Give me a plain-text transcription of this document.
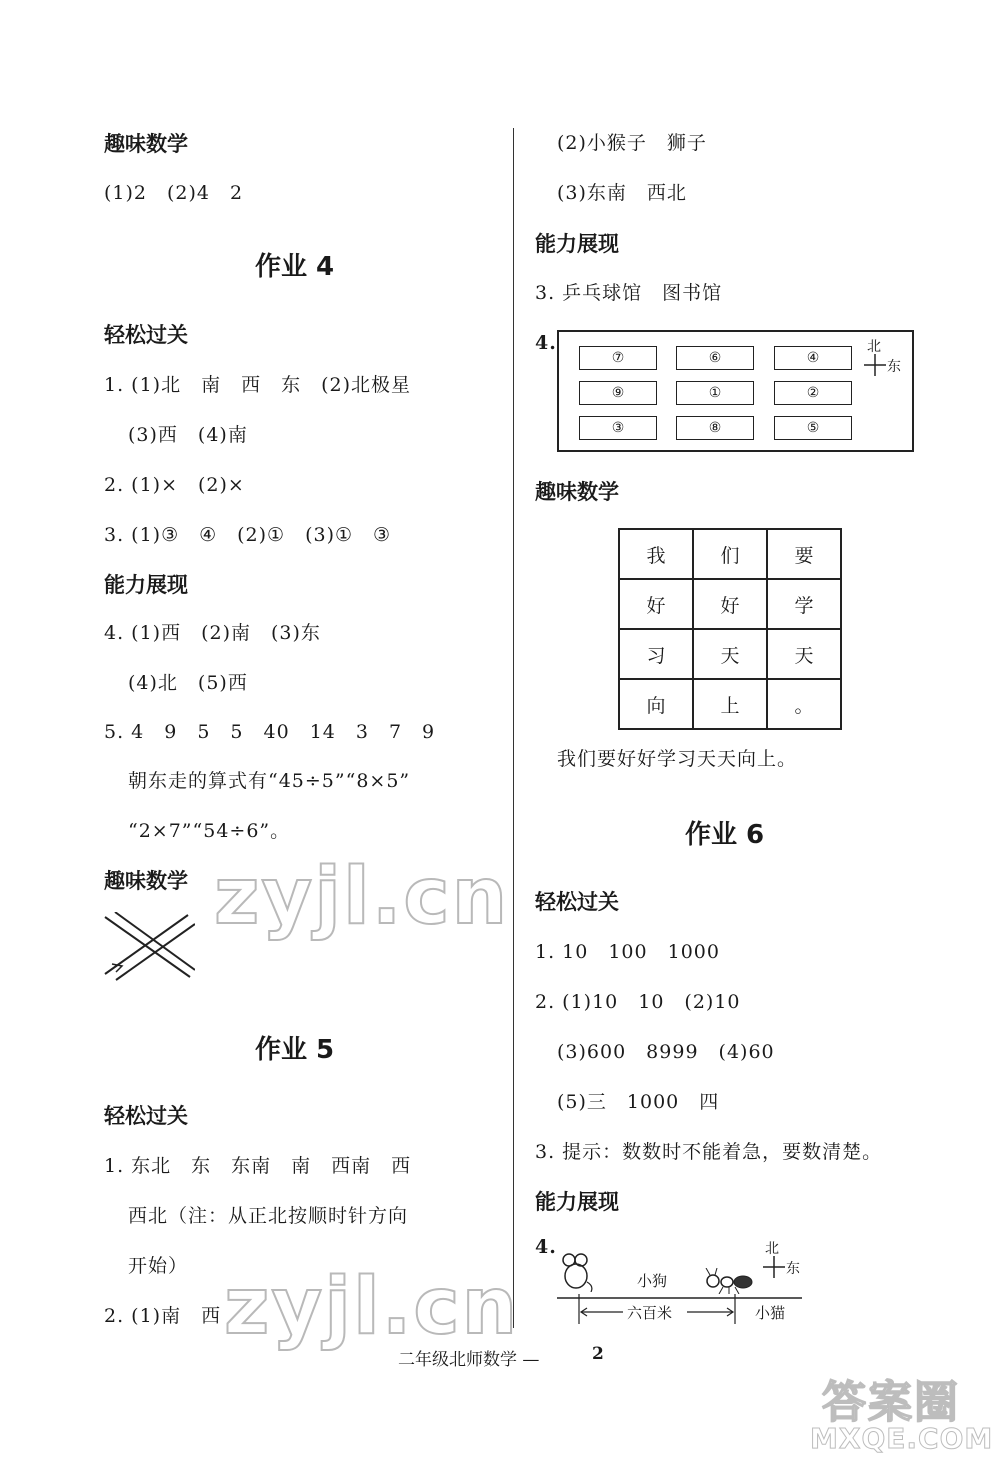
趣味数学
(1)2　(2)4　2
作业 4
轻松过关
1. (1)北　南　西　东　(2)北极星
(3)西　(4)南
2. (1)×　(2)×
3. (1)③　④　(2)①　(3)①　③
能力展现
4. (1)西　(2)南　(3)东
(4)北　(5)西
5. 4　9　5　5　40　14　3　7　9
朝东走的算式有“45÷5”“8×5”
“2×7”“54÷6”。
趣味数学
作业 5
轻松过关
1. 东北　东　东南　南　西南　西
西北（注：从正北按顺时针方向
开始）
2. (1)南　西
(2)小猴子　狮子
(3)东南　西北
能力展现
3. 乒乓球馆　图书馆
4.
⑦	⑥	④
⑨	①	②
③	⑧	⑤
北
东
趣味数学
我	们	要
好	好	学
习	天	天
向	上	。
我们要好好学习天天向上。
作业 6
轻松过关
1. 10　100　1000
2. (1)10　10　(2)10
(3)600　8999　(4)60
(5)三　1000　四
3. 提示：数数时不能着急，要数清楚。
能力展现
4.
小狗
北
东
六百米	小猫
二年级北师数学 —	2
zyjl.cn
zyjl.cn
答案圈
MXQE.COM
